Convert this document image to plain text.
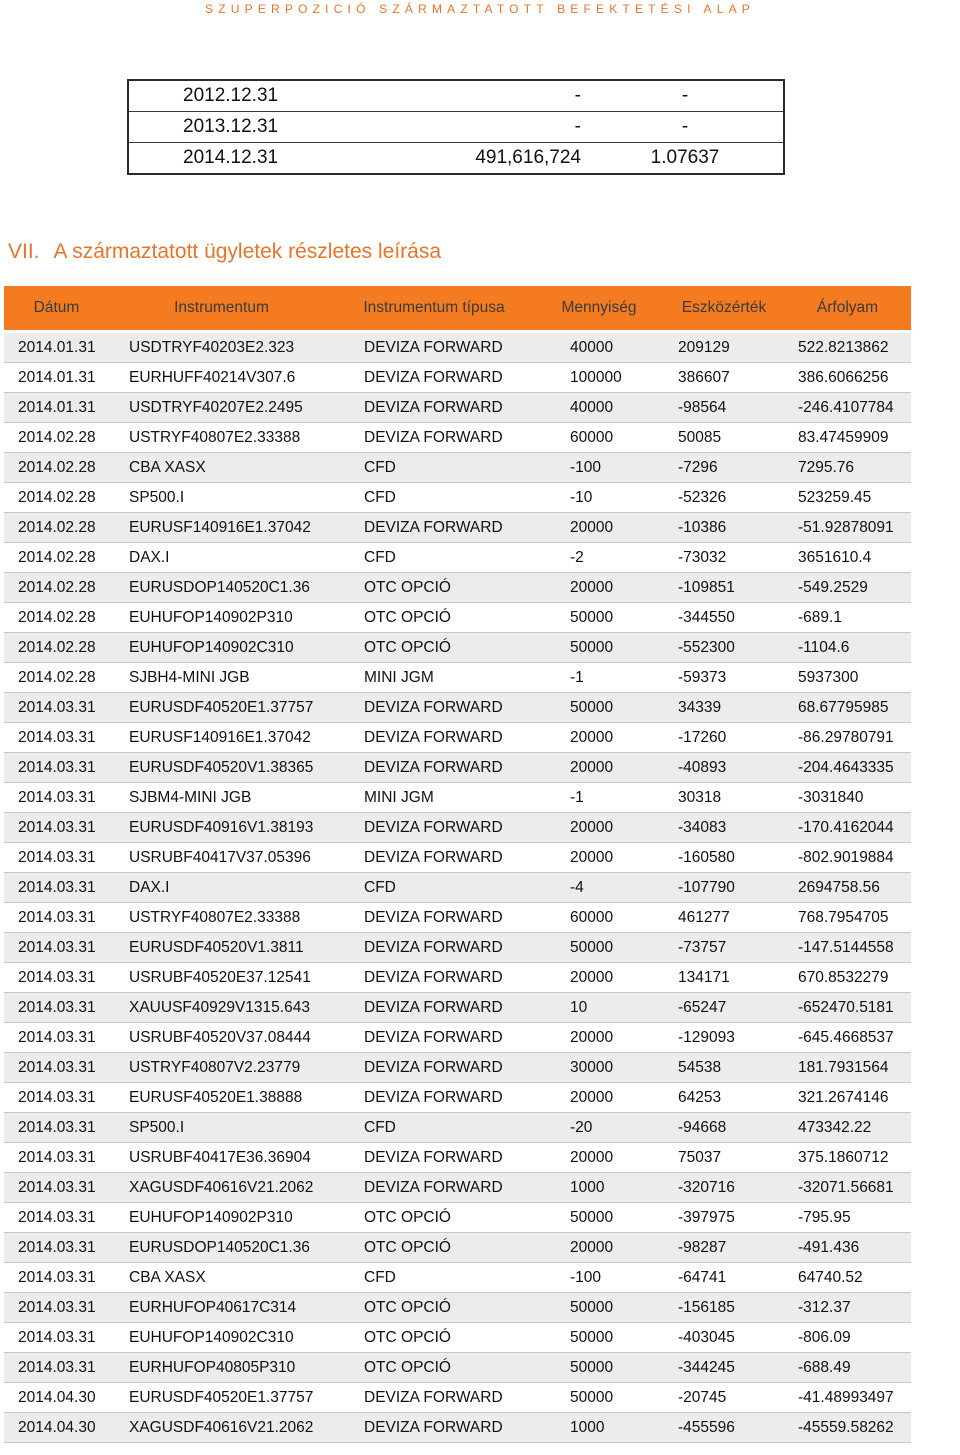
SZUPERPOZICIÓ SZÁRMAZTATOTT BEFEKTETÉSI ALAP
2012.12.31	-	-
2013.12.31	-	-
2014.12.31	491,616,724	1.07637
VII. A származtatott ügyletek részletes leírása
Dátum	Instrumentum	Instrumentum típusa	Mennyiség	Eszközérték	Árfolyam
2014.01.31	USDTRYF40203E2.323	DEVIZA FORWARD	40000	209129	522.8213862
2014.01.31	EURHUFF40214V307.6	DEVIZA FORWARD	100000	386607	386.6066256
2014.01.31	USDTRYF40207E2.2495	DEVIZA FORWARD	40000	-98564	-246.4107784
2014.02.28	USTRYF40807E2.33388	DEVIZA FORWARD	60000	50085	83.47459909
2014.02.28	CBA XASX	CFD	-100	-7296	7295.76
2014.02.28	SP500.I	CFD	-10	-52326	523259.45
2014.02.28	EURUSF140916E1.37042	DEVIZA FORWARD	20000	-10386	-51.92878091
2014.02.28	DAX.I	CFD	-2	-73032	3651610.4
2014.02.28	EURUSDOP140520C1.36	OTC OPCIÓ	20000	-109851	-549.2529
2014.02.28	EUHUFOP140902P310	OTC OPCIÓ	50000	-344550	-689.1
2014.02.28	EUHUFOP140902C310	OTC OPCIÓ	50000	-552300	-1104.6
2014.02.28	SJBH4-MINI JGB	MINI JGM	-1	-59373	5937300
2014.03.31	EURUSDF40520E1.37757	DEVIZA FORWARD	50000	34339	68.67795985
2014.03.31	EURUSF140916E1.37042	DEVIZA FORWARD	20000	-17260	-86.29780791
2014.03.31	EURUSDF40520V1.38365	DEVIZA FORWARD	20000	-40893	-204.4643335
2014.03.31	SJBM4-MINI JGB	MINI JGM	-1	30318	-3031840
2014.03.31	EURUSDF40916V1.38193	DEVIZA FORWARD	20000	-34083	-170.4162044
2014.03.31	USRUBF40417V37.05396	DEVIZA FORWARD	20000	-160580	-802.9019884
2014.03.31	DAX.I	CFD	-4	-107790	2694758.56
2014.03.31	USTRYF40807E2.33388	DEVIZA FORWARD	60000	461277	768.7954705
2014.03.31	EURUSDF40520V1.3811	DEVIZA FORWARD	50000	-73757	-147.5144558
2014.03.31	USRUBF40520E37.12541	DEVIZA FORWARD	20000	134171	670.8532279
2014.03.31	XAUUSF40929V1315.643	DEVIZA FORWARD	10	-65247	-652470.5181
2014.03.31	USRUBF40520V37.08444	DEVIZA FORWARD	20000	-129093	-645.4668537
2014.03.31	USTRYF40807V2.23779	DEVIZA FORWARD	30000	54538	181.7931564
2014.03.31	EURUSF40520E1.38888	DEVIZA FORWARD	20000	64253	321.2674146
2014.03.31	SP500.I	CFD	-20	-94668	473342.22
2014.03.31	USRUBF40417E36.36904	DEVIZA FORWARD	20000	75037	375.1860712
2014.03.31	XAGUSDF40616V21.2062	DEVIZA FORWARD	1000	-320716	-32071.56681
2014.03.31	EUHUFOP140902P310	OTC OPCIÓ	50000	-397975	-795.95
2014.03.31	EURUSDOP140520C1.36	OTC OPCIÓ	20000	-98287	-491.436
2014.03.31	CBA XASX	CFD	-100	-64741	64740.52
2014.03.31	EURHUFOP40617C314	OTC OPCIÓ	50000	-156185	-312.37
2014.03.31	EUHUFOP140902C310	OTC OPCIÓ	50000	-403045	-806.09
2014.03.31	EURHUFOP40805P310	OTC OPCIÓ	50000	-344245	-688.49
2014.04.30	EURUSDF40520E1.37757	DEVIZA FORWARD	50000	-20745	-41.48993497
2014.04.30	XAGUSDF40616V21.2062	DEVIZA FORWARD	1000	-455596	-45559.58262
